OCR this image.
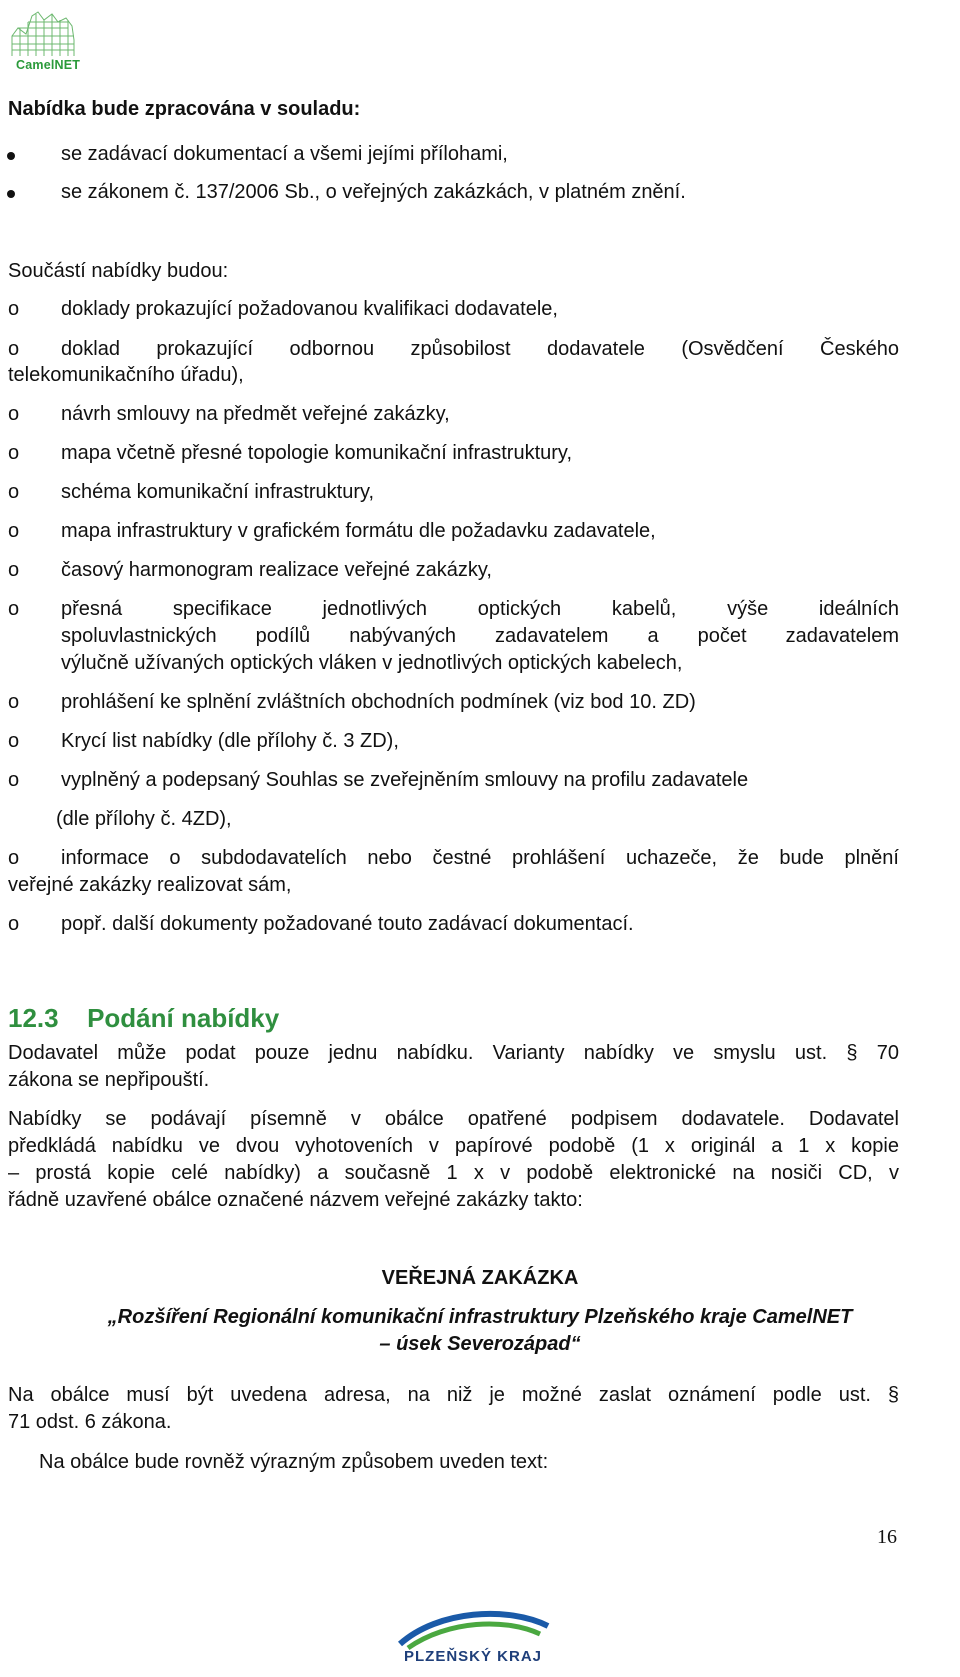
CamelNET
Nabídka bude zpracována v souladu:
se zadávací dokumentací a všemi jejími přílohami,
se zákonem č. 137/2006 Sb., o veřejných zakázkách, v platném znění.
Součástí nabídky budou:
o doklady prokazující požadovanou kvalifikaci dodavatele,
o doklad prokazující odbornou způsobilost dodavatele (Osvědčení Českého
telekomunikačního úřadu),
o návrh smlouvy na předmět veřejné zakázky,
o mapa včetně přesné topologie komunikační infrastruktury,
o schéma komunikační infrastruktury,
o mapa infrastruktury v grafickém formátu dle požadavku zadavatele,
o časový harmonogram realizace veřejné zakázky,
o přesná specifikace jednotlivých optických kabelů, výše ideálních
spoluvlastnických podílů nabývaných zadavatelem a počet zadavatelem
výlučně užívaných optických vláken v jednotlivých optických kabelech,
o prohlášení ke splnění zvláštních obchodních podmínek (viz bod 10. ZD)
o Krycí list nabídky (dle přílohy č. 3 ZD),
o vyplněný a podepsaný Souhlas se zveřejněním smlouvy na profilu zadavatele
(dle přílohy č. 4ZD),
o informace o subdodavatelích nebo čestné prohlášení uchazeče, že bude plnění
veřejné zakázky realizovat sám,
o popř. další dokumenty požadované touto zadávací dokumentací.
12.3 Podání nabídky
Dodavatel může podat pouze jednu nabídku. Varianty nabídky ve smyslu ust. § 70
zákona se nepřipouští.
Nabídky se podávají písemně v obálce opatřené podpisem dodavatele. Dodavatel
předkládá nabídku ve dvou vyhotoveních v papírové podobě (1 x originál a 1 x kopie
– prostá kopie celé nabídky) a současně 1 x v podobě elektronické na nosiči CD, v
řádně uzavřené obálce označené názvem veřejné zakázky takto:
VEŘEJNÁ ZAKÁZKA
„Rozšíření Regionální komunikační infrastruktury Plzeňského kraje CamelNET
– úsek Severozápad“
Na obálce musí být uvedena adresa, na niž je možné zaslat oznámení podle ust. §
71 odst. 6 zákona.
Na obálce bude rovněž výrazným způsobem uveden text:
16
PLZEŇSKÝ KRAJ
